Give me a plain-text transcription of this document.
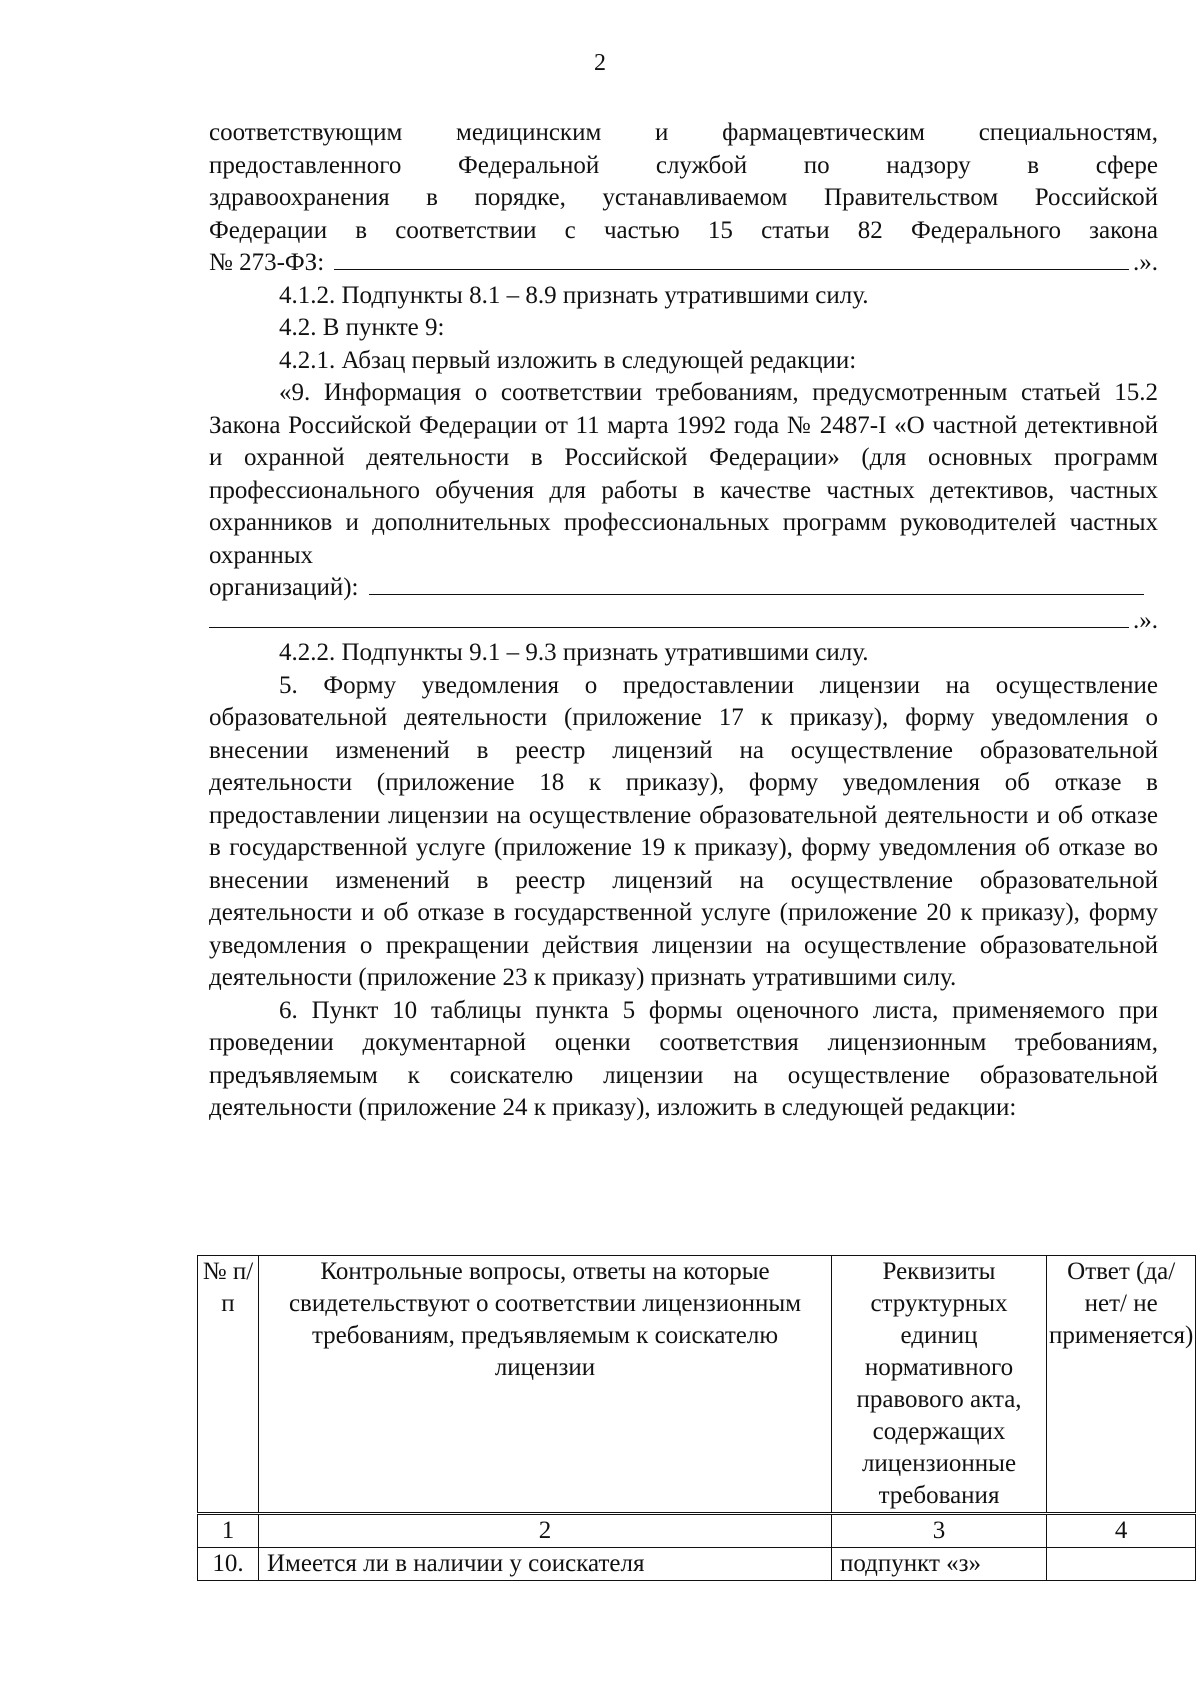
2

соответствующим медицинским и фармацевтическим специальностям,

предоставленного Федеральной службой по надзору в сфере

здравоохранения в порядке, устанавливаемом Правительством Российской

Федерации в соответствии с частью 15 статьи 82 Федерального закона

№ 273-ФЗ:	.».

4.1.2. Подпункты 8.1 – 8.9 признать утратившими силу.

4.2. В пункте 9:

4.2.1. Абзац первый изложить в следующей редакции:

«9. Информация о соответствии требованиям, предусмотренным статьей 15.2 Закона Российской Федерации от 11 марта 1992 года № 2487-I «О частной детективной и охранной деятельности в Российской Федерации» (для основных программ профессионального обучения для работы в качестве частных детективов, частных охранников и дополнительных профессиональных программ руководителей частных охранных

организаций):
.».

4.2.2. Подпункты 9.1 – 9.3 признать утратившими силу.

5. Форму уведомления о предоставлении лицензии на осуществление образовательной деятельности (приложение 17 к приказу), форму уведомления о внесении изменений в реестр лицензий на осуществление образовательной деятельности (приложение 18 к приказу), форму уведомления об отказе в предоставлении лицензии на осуществление образовательной деятельности и об отказе в государственной услуге (приложение 19 к приказу), форму уведомления об отказе во внесении изменений в реестр лицензий на осуществление образовательной деятельности и об отказе в государственной услуге (приложение 20 к приказу), форму уведомления о прекращении действия лицензии на осуществление образовательной деятельности (приложение 23 к приказу) признать утратившими силу.

6. Пункт 10 таблицы пункта 5 формы оценочного листа, применяемого при проведении документарной оценки соответствия лицензионным требованиям, предъявляемым к соискателю лицензии на осуществление образовательной деятельности (приложение 24 к приказу), изложить в следующей редакции:

№ п/п	Контрольные вопросы, ответы на которые свидетельствуют о соответствии лицензионным требованиям, предъявляемым к соискателю лицензии	Реквизиты структурных единиц нормативного правового акта, содержащих лицензионные требования	Ответ (да/ нет/ не применяется)
1	2	3	4
10.	Имеется ли в наличии у соискателя	подпункт «з»	
